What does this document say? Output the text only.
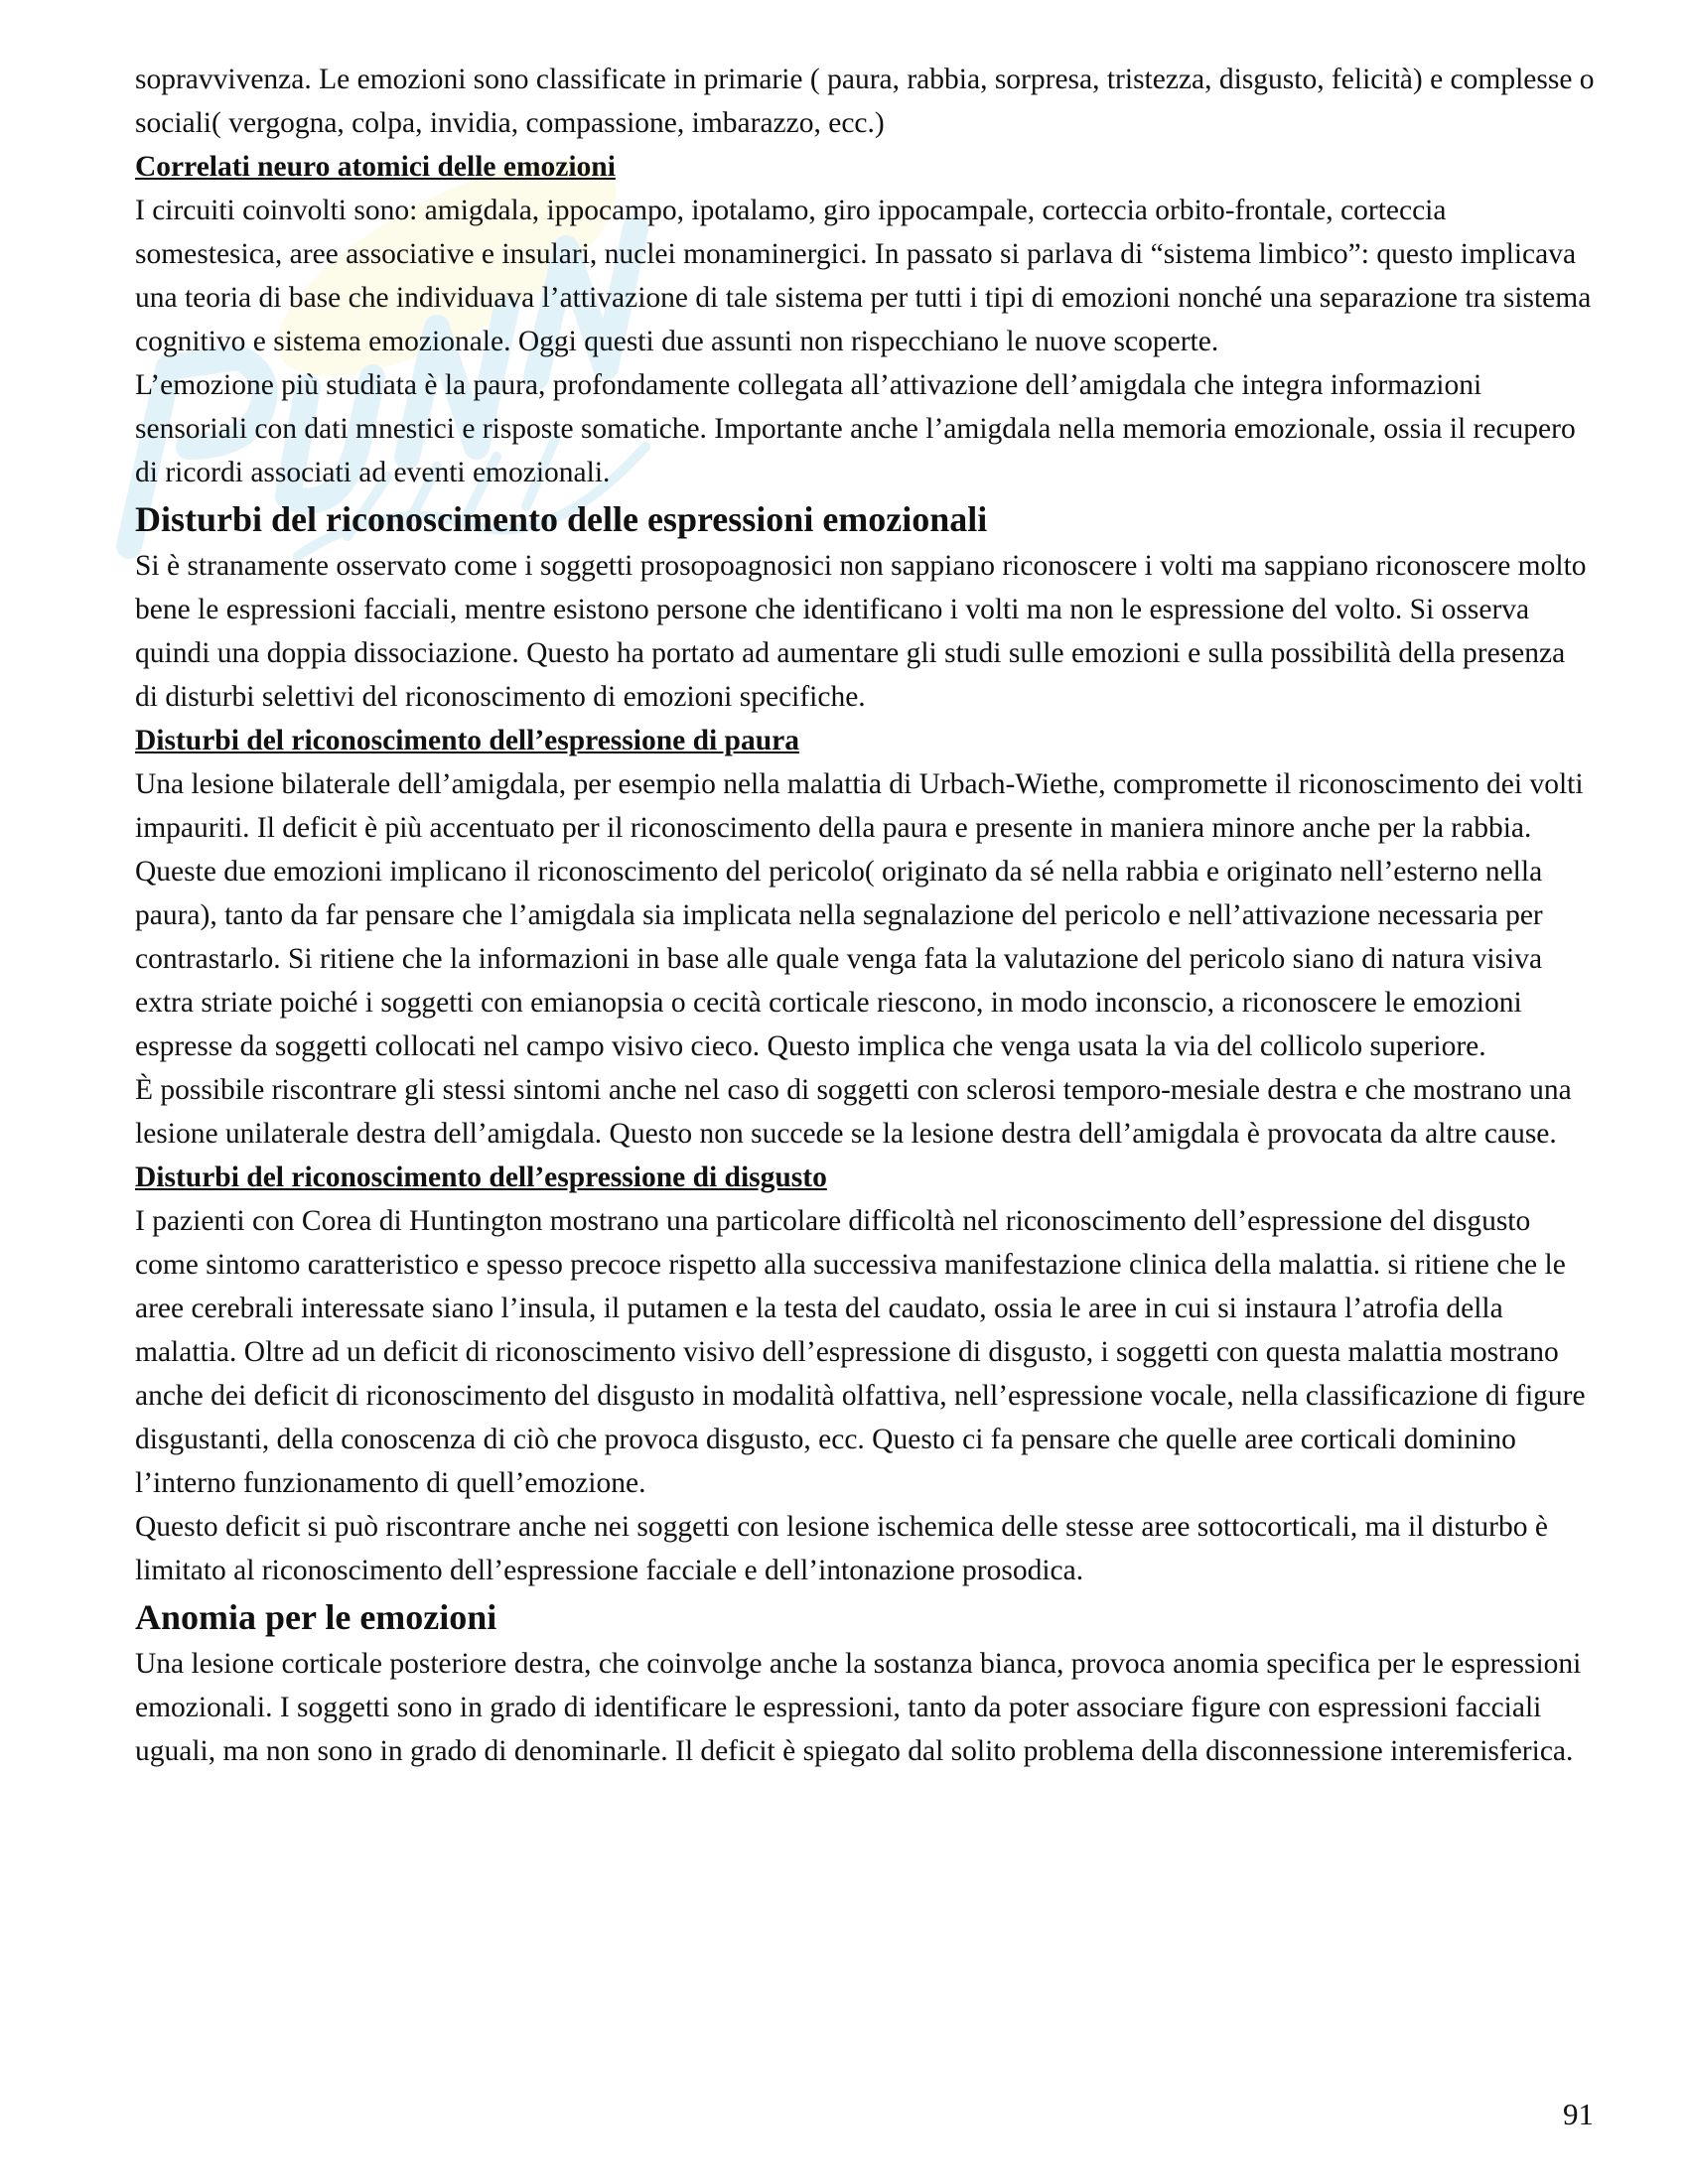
sopravvivenza. Le emozioni sono classificate in primarie ( paura, rabbia, sorpresa, tristezza, disgusto, felicità) e complesse o sociali( vergogna, colpa, invidia, compassione, imbarazzo, ecc.)

Correlati neuro atomici delle emozioni

I circuiti coinvolti sono: amigdala, ippocampo, ipotalamo, giro ippocampale, corteccia orbito-frontale, corteccia somestesica, aree associative e insulari, nuclei monaminergici. In passato si parlava di “sistema limbico”: questo implicava una teoria di base che individuava l’attivazione di tale sistema per tutti i tipi di emozioni nonché una separazione tra sistema cognitivo e sistema emozionale. Oggi questi due assunti non rispecchiano le nuove scoperte.

L’emozione più studiata è la paura, profondamente collegata all’attivazione dell’amigdala che integra informazioni sensoriali con dati mnestici e risposte somatiche. Importante anche l’amigdala nella memoria emozionale, ossia il recupero di ricordi associati ad eventi emozionali.

Disturbi del riconoscimento delle espressioni emozionali

Si è stranamente osservato come i soggetti prosopoagnosici non sappiano riconoscere i volti ma sappiano riconoscere molto bene le espressioni facciali, mentre esistono persone che identificano i volti ma non le espressione del volto. Si osserva quindi una doppia dissociazione. Questo ha portato ad aumentare gli studi sulle emozioni e sulla possibilità della presenza di disturbi selettivi del riconoscimento di emozioni specifiche.

Disturbi del riconoscimento dell’espressione di paura

Una lesione bilaterale dell’amigdala, per esempio nella malattia di Urbach-Wiethe, compromette il riconoscimento dei volti impauriti. Il deficit è più accentuato per il riconoscimento della paura e presente in maniera minore anche per la rabbia. Queste due emozioni implicano il riconoscimento del pericolo( originato da sé nella rabbia e originato nell’esterno nella paura), tanto da far pensare che l’amigdala sia implicata nella segnalazione del pericolo e nell’attivazione necessaria per contrastarlo. Si ritiene che la informazioni in base alle quale venga fata la valutazione del pericolo siano di natura visiva extra striate poiché i soggetti con emianopsia o cecità corticale riescono, in modo inconscio, a riconoscere le emozioni espresse da soggetti collocati nel campo visivo cieco. Questo implica che venga usata la via del collicolo superiore.

È possibile riscontrare gli stessi sintomi anche nel caso di soggetti con sclerosi temporo-mesiale destra e che mostrano una lesione unilaterale destra dell’amigdala. Questo non succede se la lesione destra dell’amigdala è provocata da altre cause.

Disturbi del riconoscimento dell’espressione di disgusto

I pazienti con Corea di Huntington mostrano una particolare difficoltà nel riconoscimento dell’espressione del disgusto come sintomo caratteristico e spesso precoce rispetto alla successiva manifestazione clinica della malattia. si ritiene che le aree cerebrali interessate siano l’insula, il putamen e la testa del caudato, ossia le aree in cui si instaura l’atrofia della malattia. Oltre ad un deficit di riconoscimento visivo dell’espressione di disgusto, i soggetti con questa malattia mostrano anche dei deficit di riconoscimento del disgusto in modalità olfattiva, nell’espressione vocale, nella classificazione di figure disgustanti, della conoscenza di ciò che provoca disgusto, ecc. Questo ci fa pensare che quelle aree corticali dominino l’interno funzionamento di quell’emozione.

Questo deficit si può riscontrare anche nei soggetti con lesione ischemica delle stesse aree sottocorticali, ma il disturbo è limitato al riconoscimento dell’espressione facciale e dell’intonazione prosodica.

Anomia per le emozioni

Una lesione corticale posteriore destra, che coinvolge anche la sostanza bianca, provoca anomia specifica per le espressioni emozionali. I soggetti sono in grado di identificare le espressioni, tanto da poter associare figure con espressioni facciali uguali, ma non sono in grado di denominarle. Il deficit è spiegato dal solito problema della disconnessione interemisferica.

91
